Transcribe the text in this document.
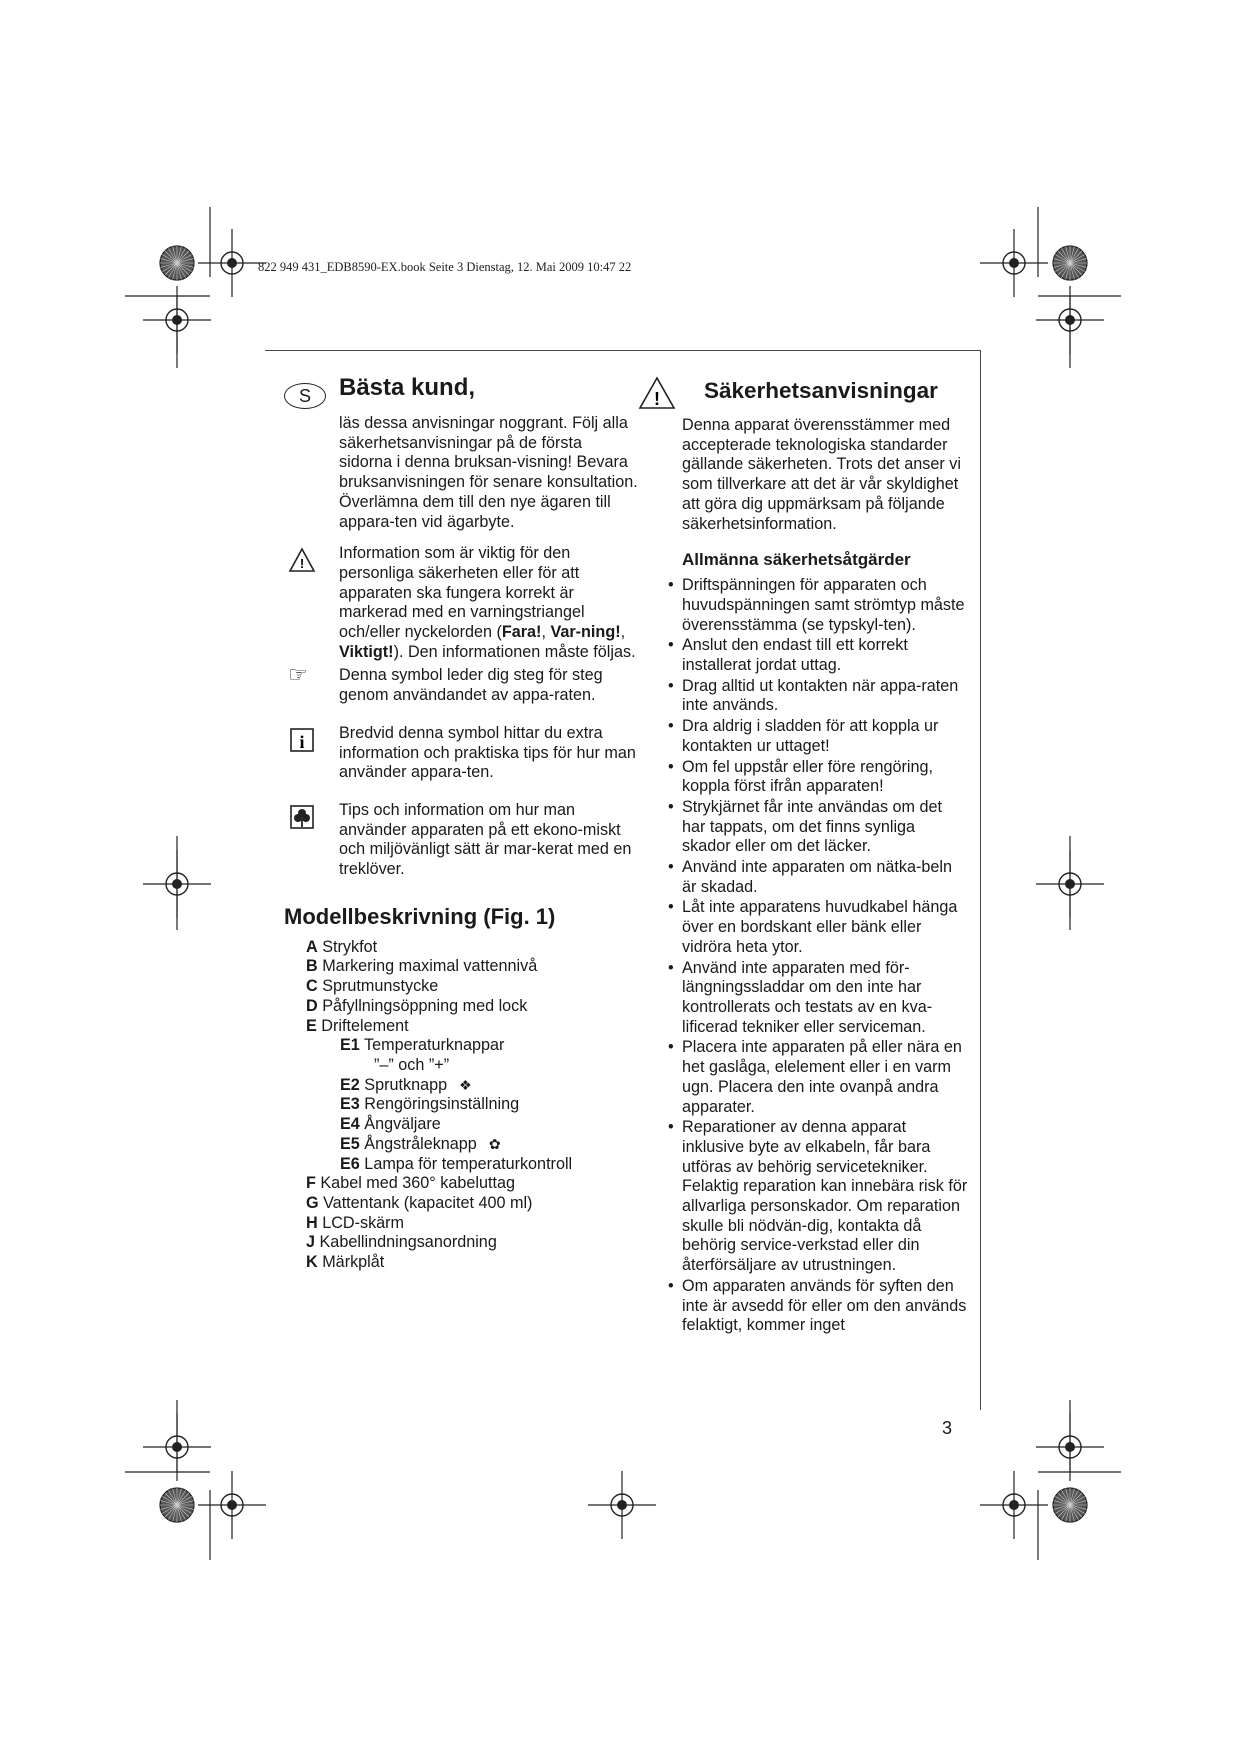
822 949 431_EDB8590-EX.book Seite 3 Dienstag, 12. Mai 2009 10:47 22
S	Bästa kund,
läs dessa anvisningar noggrant. Följ alla säkerhetsanvisningar på de första sidorna i denna bruksan-visning! Bevara bruksanvisningen för senare konsultation. Överlämna dem till den nye ägaren till appara-ten vid ägarbyte.
!
Information som är viktig för den personliga säkerheten eller för att apparaten ska fungera korrekt är markerad med en varningstriangel och/eller nyckelorden (Fara!, Var-ning!, Viktigt!). Den informationen måste följas.
☞	Denna symbol leder dig steg för steg genom användandet av appa-raten.
i Bredvid denna symbol hittar du extra information och praktiska tips för hur man använder appara-ten.
Tips och information om hur man använder apparaten på ett ekono-miskt och miljövänligt sätt är mar-kerat med en treklöver.
Modellbeskrivning (Fig. 1)
A Strykfot
B Markering maximal vattennivå
C Sprutmunstycke
D Påfyllningsöppning med lock
E Driftelement
E1 Temperaturknappar
”–” och ”+”
E2 Sprutknapp ❖
E3 Rengöringsinställning
E4 Ångväljare
E5 Ångstråleknapp ✿
E6 Lampa för temperaturkontroll
F Kabel med 360° kabeluttag
G Vattentank (kapacitet 400 ml)
H LCD-skärm
J Kabellindningsanordning
K Märkplåt
! Säkerhetsanvisningar
Denna apparat överensstämmer med accepterade teknologiska standarder gällande säkerheten. Trots det anser vi som tillverkare att det är vår skyldighet att göra dig uppmärksam på följande säkerhetsinformation.
Allmänna säkerhetsåtgärder
• Driftspänningen för apparaten och huvudspänningen samt strömtyp måste överensstämma (se typskyl-ten).
• Anslut den endast till ett korrekt installerat jordat uttag.
• Drag alltid ut kontakten när appa-raten inte används.
• Dra aldrig i sladden för att koppla ur kontakten ur uttaget!
• Om fel uppstår eller före rengöring, koppla först ifrån apparaten!
• Strykjärnet får inte användas om det har tappats, om det finns synliga skador eller om det läcker.
• Använd inte apparaten om nätka-beln är skadad.
• Låt inte apparatens huvudkabel hänga över en bordskant eller bänk eller vidröra heta ytor.
• Använd inte apparaten med för-längningssladdar om den inte har kontrollerats och testats av en kva-lificerad tekniker eller serviceman.
• Placera inte apparaten på eller nära en het gaslåga, elelement eller i en varm ugn. Placera den inte ovanpå andra apparater.
• Reparationer av denna apparat inklusive byte av elkabeln, får bara utföras av behörig servicetekniker. Felaktig reparation kan innebära risk för allvarliga personskador. Om reparation skulle bli nödvän-dig, kontakta då behörig service-verkstad eller din återförsäljare av utrustningen.
• Om apparaten används för syften den inte är avsedd för eller om den används felaktigt, kommer inget
3
